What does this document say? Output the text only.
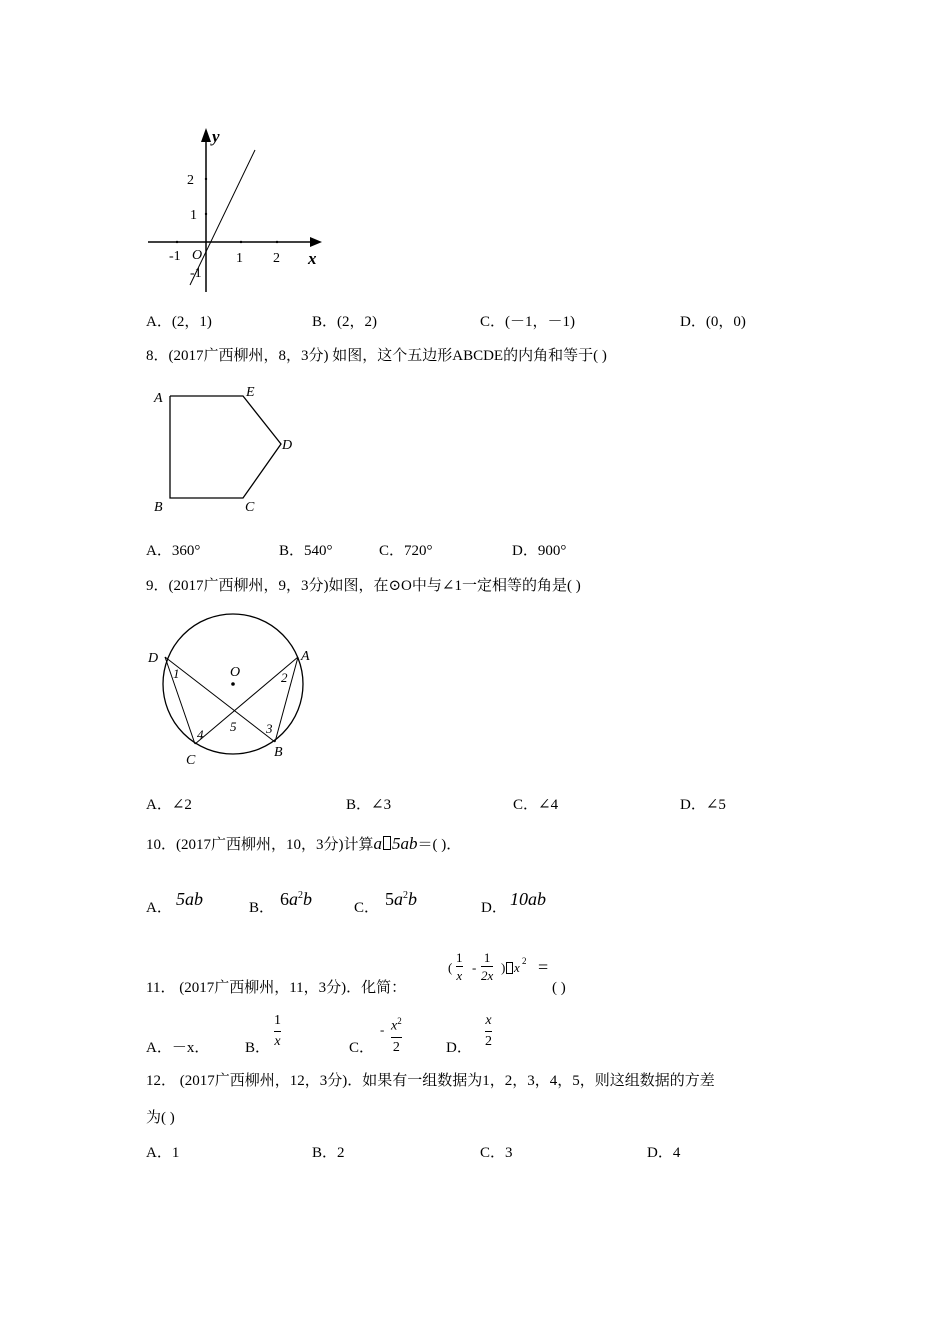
y
x
O
2
1
-1
-1	1 2
A．(2，1)	B．(2，2)	C．(－1，－1)	D．(0，0)
8．(2017广西柳州，8，3分) 如图，这个五边形ABCDE的内角和等于( )
A	E
D
C
B
A．360°	B．540°	C．720°	D．900°
9．(2017广西柳州，9，3分)如图，在⊙O中与∠1一定相等的角是( )
D	A
O
C
B
1	2
3
4
5
A．∠2	B．∠3	C．∠4	D．∠5
10．(2017广西柳州，10，3分)计算a 5ab＝( )．
A． 5ab	B． $6a^2b$	C． $5a^2b$	D． 10ab
11． (2017广西柳州，11，3分)．化简：
(
1
x
-
1
2x
) x 2 =
( )
A．－x． B．
1
x	C．
- $x^2$
2	D．
x
2
12． (2017广西柳州，12，3分)．如果有一组数据为1，2，3，4，5，则这组数据的方差
为( )
A．1	B．2	C．3	D．4
